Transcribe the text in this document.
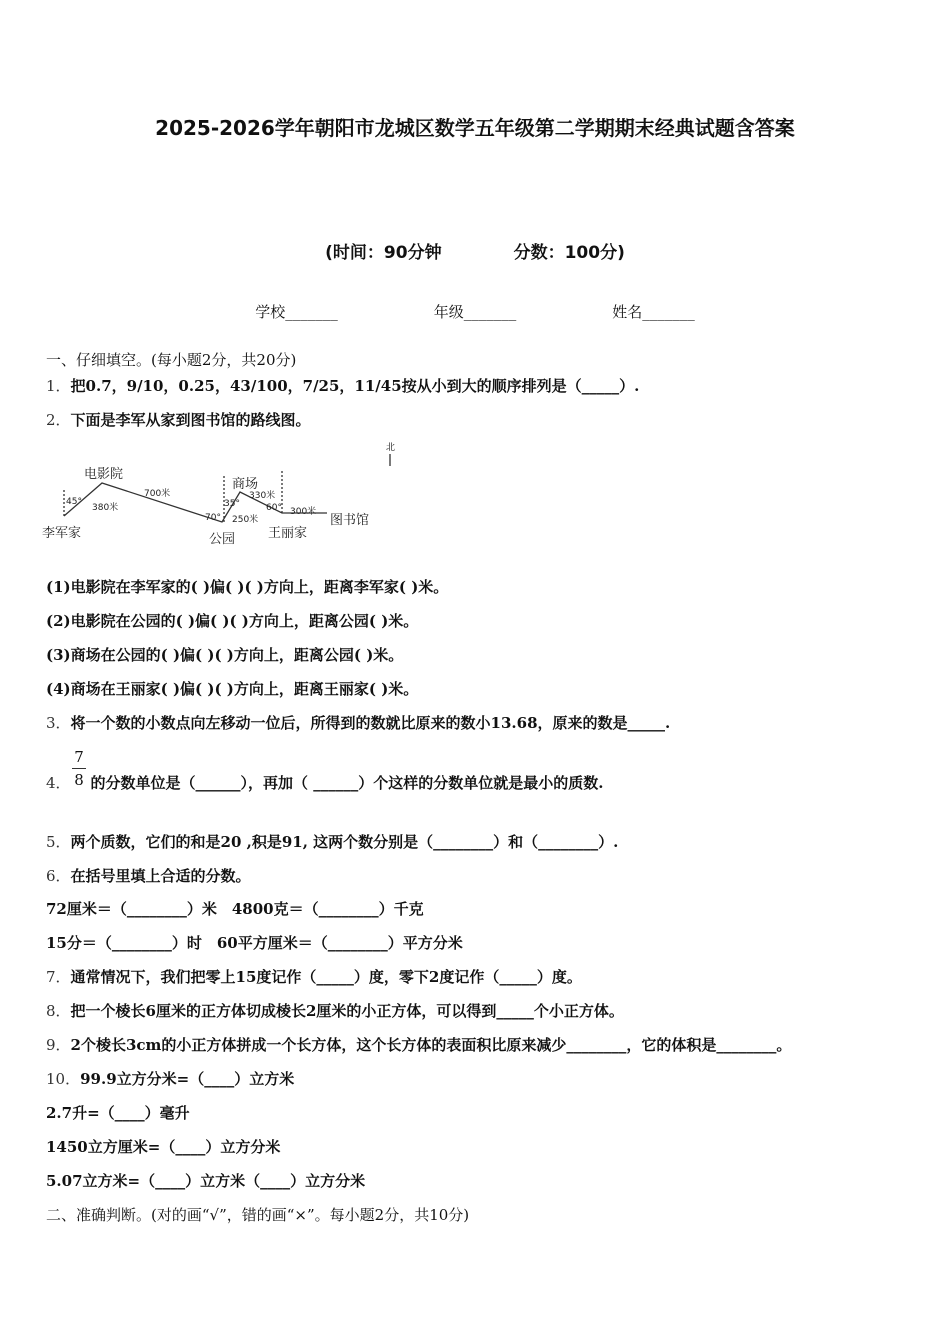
2025-2026学年朝阳市龙城区数学五年级第二学期期末经典试题含答案
(时间：90分钟	分数：100分)
学校_______	年级_______	姓名_______
一、仔细填空。(每小题2分，共20分)
1．把0.7，9/10，0.25，43/100，7/25，11/45按从小到大的顺序排列是（_____）.
2．下面是李军从家到图书馆的路线图。
北
李军家
电影院
公园
商场
王丽家
图书馆
380米
700米
250米
330米
300米
45°
70°
35°	60°
(1)电影院在李军家的( )偏( )( )方向上，距离李军家( )米。
(2)电影院在公园的( )偏( )( )方向上，距离公园( )米。
(3)商场在公园的( )偏( )( )方向上，距离公园( )米。
(4)商场在王丽家( )偏( )( )方向上，距离王丽家( )米。
3．将一个数的小数点向左移动一位后，所得到的数就比原来的数小13.68，原来的数是_____.
4． 的分数单位是（______），再加（ ______）个这样的分数单位就是最小的质数.
7
8
5．两个质数，它们的和是20 ,积是91, 这两个数分别是（________）和（________）.
6．在括号里填上合适的分数。
72厘米＝（________）米　4800克＝（________）千克
15分＝（________）时　60平方厘米＝（________）平方分米
7．通常情况下，我们把零上15度记作（_____）度，零下2度记作（_____）度。
8．把一个棱长6厘米的正方体切成棱长2厘米的小正方体，可以得到_____个小正方体。
9．2个棱长3cm的小正方体拼成一个长方体，这个长方体的表面积比原来减少________，它的体积是________。
10．99.9立方分米=（____）立方米
2.7升=（____）毫升
1450立方厘米=（____）立方分米
5.07立方米=（____）立方米（____）立方分米
二、准确判断。(对的画“√”，错的画“×”。每小题2分，共10分)
